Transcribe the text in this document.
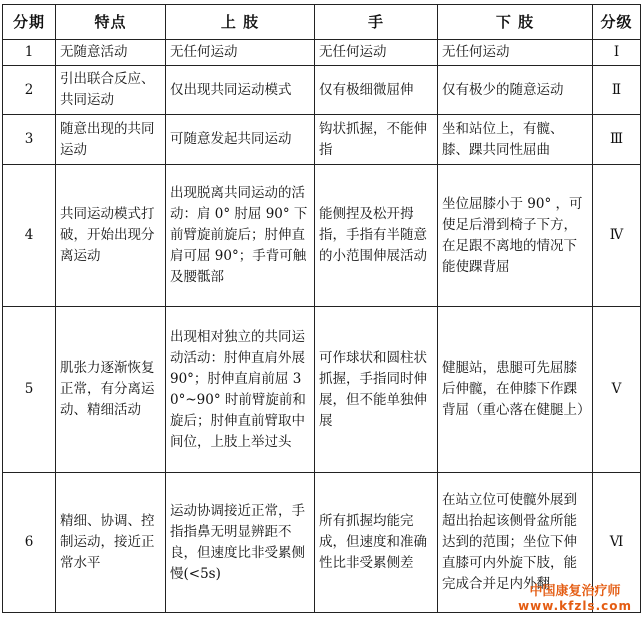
分期	特点	上 肢	手	下 肢	分级
1	无随意活动	无任何运动	无任何运动	无任何运动	Ⅰ
2	引出联合反应、共同运动	仅出现共同运动模式	仅有极细微屈伸	仅有极少的随意运动	Ⅱ
3	随意出现的共同运动	可随意发起共同运动	钩状抓握，不能伸指	坐和站位上，有髋、膝、踝共同性屈曲	Ⅲ
4	共同运动模式打破，开始出现分离运动	出现脱离共同运动的活动：肩 0° 肘屈 90° 下前臂旋前旋后；肘伸直肩可屈 90°；手背可触及腰骶部	能侧捏及松开拇指，手指有半随意的小范围伸展活动	坐位屈膝小于 90° ，可使足后滑到椅子下方，在足跟不离地的情况下能使踝背屈	Ⅳ
5	肌张力逐渐恢复正常，有分离运动、精细活动	出现相对独立的共同运动活动：肘伸直肩外展 90°；肘伸直肩前屈 30°~90° 时前臂旋前和旋后；肘伸直前臂取中间位，上肢上举过头	可作球状和圆柱状抓握，手指同时伸展，但不能单独伸展	健腿站，患腿可先屈膝后伸髋，在伸膝下作踝背屈（重心落在健腿上）	Ⅴ
6	精细、协调、控制运动，接近正常水平	运动协调接近正常，手指指鼻无明显辨距不良，但速度比非受累侧慢(<5s)	所有抓握均能完成，但速度和准确性比非受累侧差	在站立位可使髋外展到超出抬起该侧骨盆所能达到的范围；坐位下伸直膝可内外旋下肢，能完成合并足内外翻	Ⅵ
中国康复治疗师
www.kfzls.com
